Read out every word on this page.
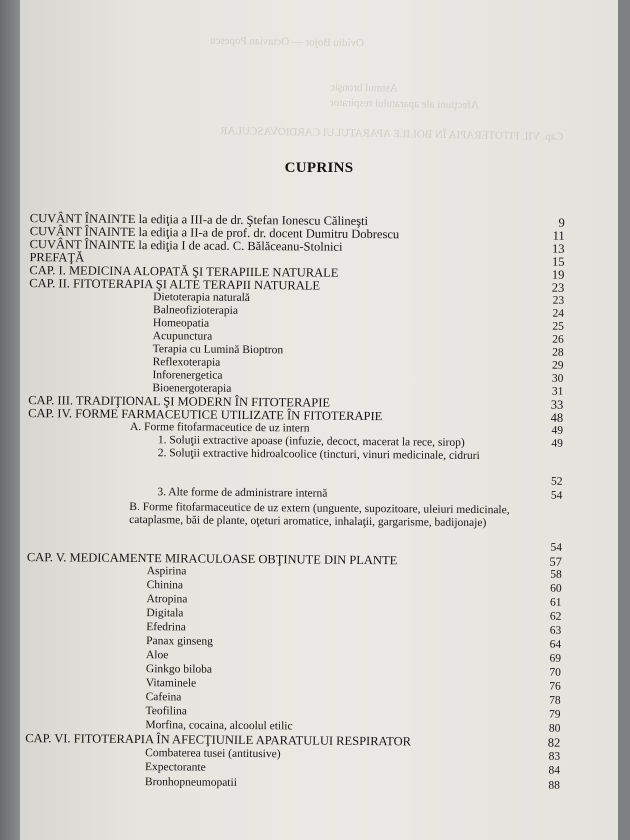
Ovidiu Bojor — Octavian Popescu
Astmul bronşic
Afecţiuni ale aparatului respirator
Cap. VII. FITOTERAPIA ÎN BOLILE APARATULUI CARDIOVASCULAR
CUPRINS
CUVÂNT ÎNAINTE la ediţia a III-a de dr. Ştefan Ionescu Călineşti	9
CUVÂNT ÎNAINTE la ediţia a II-a de prof. dr. docent Dumitru Dobrescu	11
CUVÂNT ÎNAINTE la ediţia I de acad. C. Bălăceanu-Stolnici	13
PREFAŢĂ	15
CAP. I. MEDICINA ALOPATĂ ŞI TERAPIILE NATURALE	19
CAP. II. FITOTERAPIA ŞI ALTE TERAPII NATURALE	23
Dietoterapia naturală	23
Balneofizioterapia	24
Homeopatia	25
Acupunctura	26
Terapia cu Lumină Bioptron	28
Reflexoterapia	29
Inforenergetica	30
Bioenergoterapia	31
CAP. III. TRADIŢIONAL ŞI MODERN ÎN FITOTERAPIE	33
CAP. IV. FORME FARMACEUTICE UTILIZATE ÎN FITOTERAPIE	48
A. Forme fitofarmaceutice de uz intern	49
1. Soluţii extractive apoase (infuzie, decoct, macerat la rece, sirop)	49
2. Soluţii extractive hidroalcoolice (tincturi, vinuri medicinale, cidruri
52
3. Alte forme de administrare internă	54
B. Forme fitofarmaceutice de uz extern (unguente, supozitoare, uleiuri medicinale, cataplasme, băi de plante, oţeturi aromatice, inhalaţii, gargarisme, badijonaje)
54
CAP. V. MEDICAMENTE MIRACULOASE OBŢINUTE DIN PLANTE	57
Aspirina	58
Chinina	60
Atropina	61
Digitala	62
Efedrina	63
Panax ginseng	64
Aloe	69
Ginkgo biloba	70
Vitaminele	76
Cafeina	78
Teofilina	79
Morfina, cocaina, alcoolul etilic	80
CAP. VI. FITOTERAPIA ÎN AFECŢIUNILE APARATULUI RESPIRATOR	82
Combaterea tusei (antitusive)	83
Expectorante	84
Bronhopneumopatii	88
